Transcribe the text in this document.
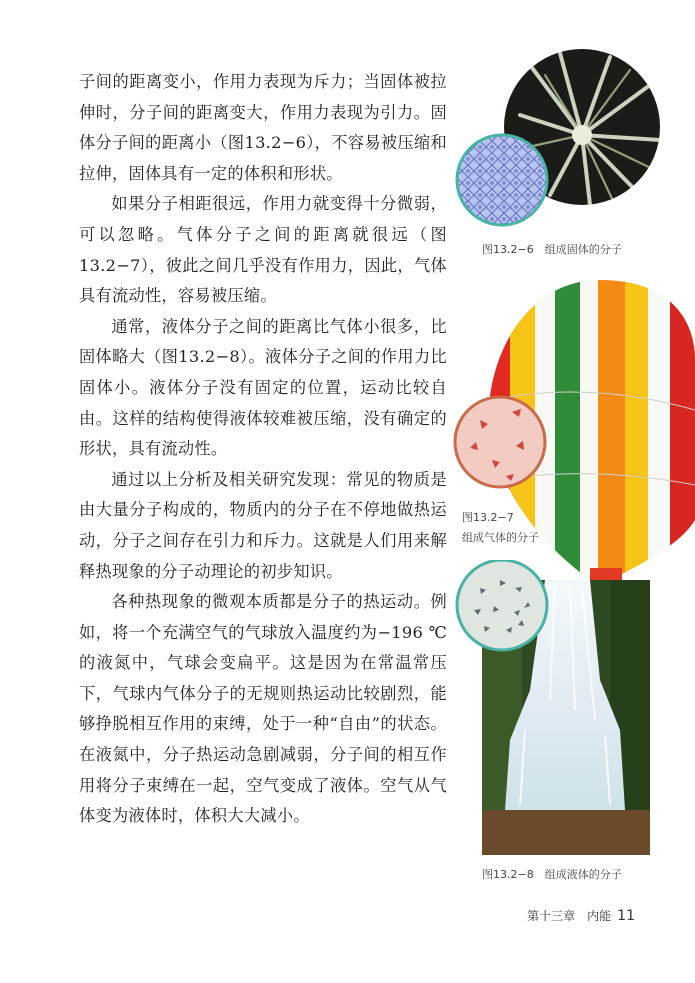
子间的距离变小，作用力表现为斥力；当固体被拉伸时，分子间的距离变大，作用力表现为引力。固体分子间的距离小（图13.2−6），不容易被压缩和拉伸，固体具有一定的体积和形状。

如果分子相距很远，作用力就变得十分微弱，可以忽略。气体分子之间的距离就很远（图13.2−7），彼此之间几乎没有作用力，因此，气体具有流动性，容易被压缩。

通常，液体分子之间的距离比气体小很多，比固体略大（图13.2−8）。液体分子之间的作用力比固体小。液体分子没有固定的位置，运动比较自由。这样的结构使得液体较难被压缩，没有确定的形状，具有流动性。

通过以上分析及相关研究发现：常见的物质是由大量分子构成的，物质内的分子在不停地做热运动，分子之间存在引力和斥力。这就是人们用来解释热现象的分子动理论的初步知识。

各种热现象的微观本质都是分子的热运动。例如，将一个充满空气的气球放入温度约为−196 ℃的液氮中，气球会变扁平。这是因为在常温常压下，气球内气体分子的无规则热运动比较剧烈，能够挣脱相互作用的束缚，处于一种“自由”的状态。在液氮中，分子热运动急剧减弱，分子间的相互作用将分子束缚在一起，空气变成了液体。空气从气体变为液体时，体积大大减小。

图13.2−6　组成固体的分子
图13.2−7
组成气体的分子
图13.2−8　组成液体的分子
第十三章　内能 11
